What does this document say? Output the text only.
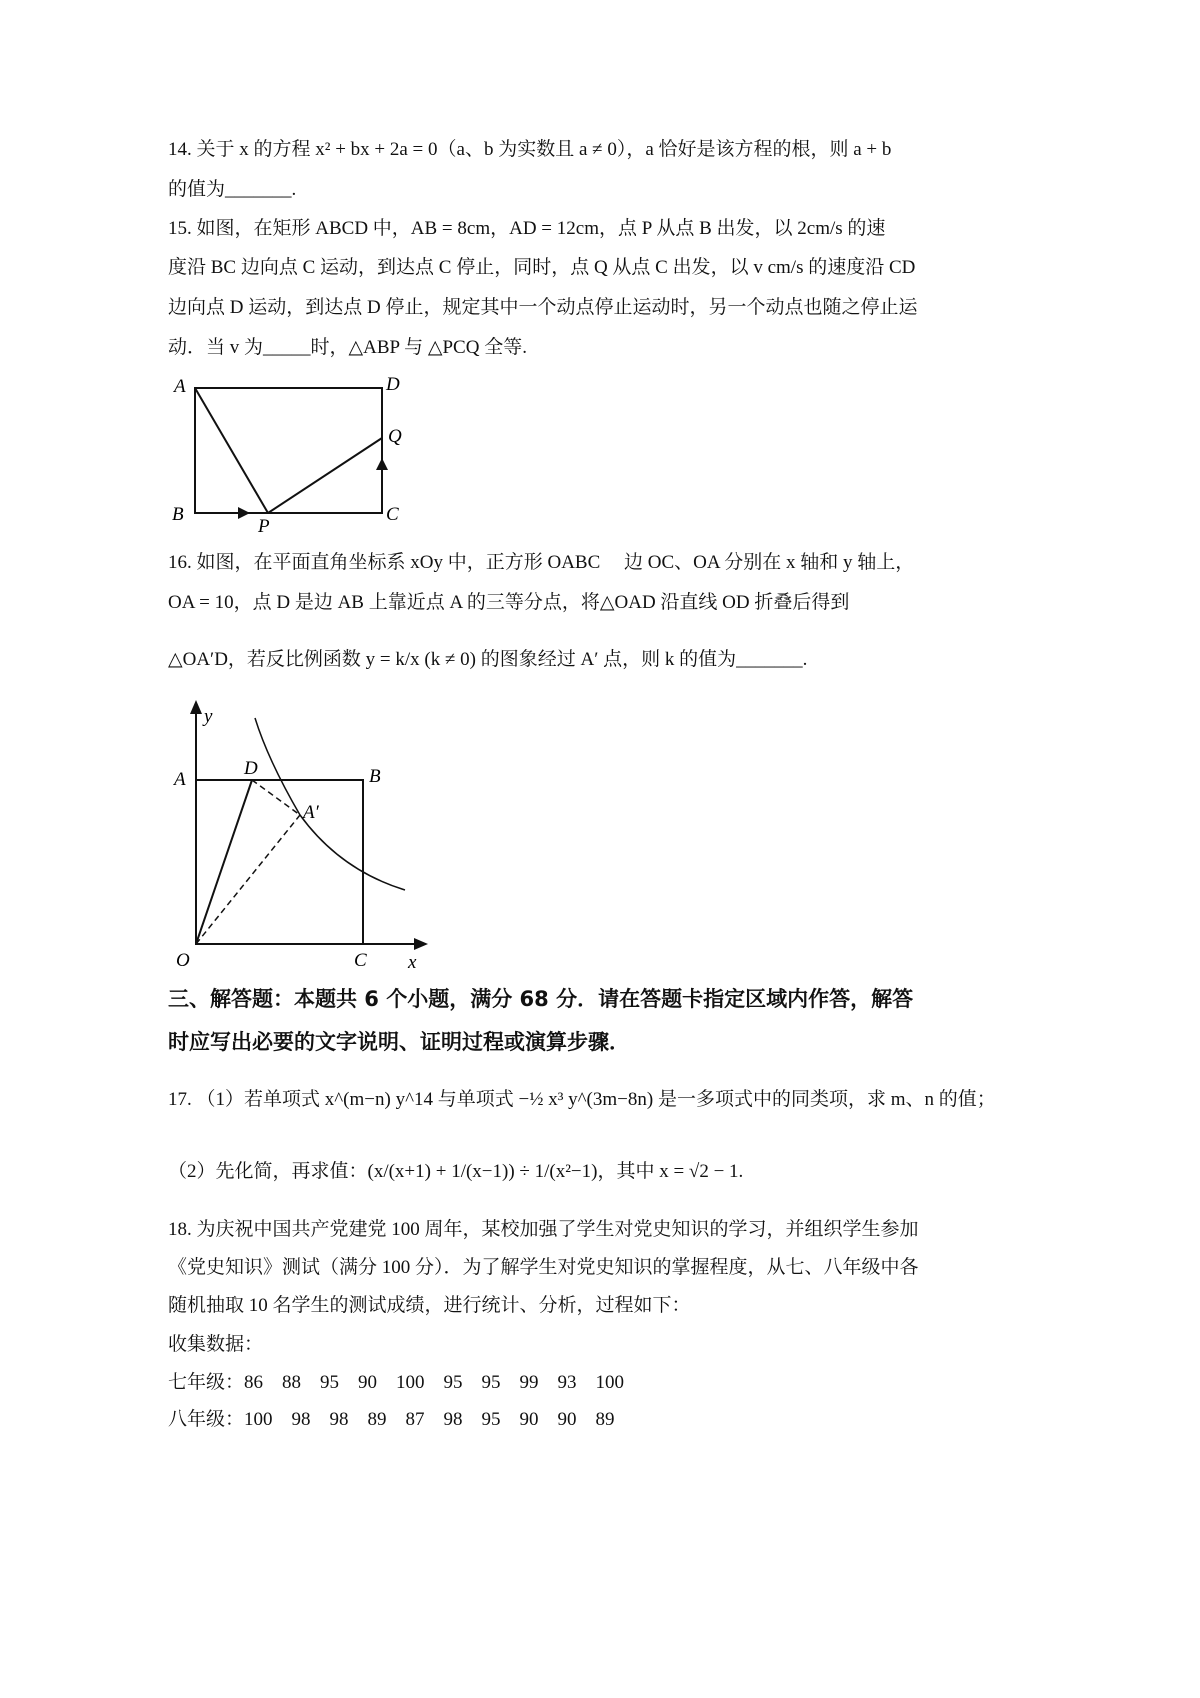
14. 关于 x 的方程 x² + bx + 2a = 0（a、b 为实数且 a ≠ 0），a 恰好是该方程的根，则 a + b
的值为_______.
15. 如图，在矩形 ABCD 中，AB = 8cm，AD = 12cm，点 P 从点 B 出发，以 2cm/s 的速
度沿 BC 边向点 C 运动，到达点 C 停止，同时，点 Q 从点 C 出发，以 v cm/s 的速度沿 CD
边向点 D 运动，到达点 D 停止，规定其中一个动点停止运动时，另一个动点也随之停止运
动．当 v 为_____时，△ABP 与 △PCQ 全等.
16. 如图，在平面直角坐标系 xOy 中，正方形 OABC 　边 OC、OA 分别在 x 轴和 y 轴上，
OA = 10，点 D 是边 AB 上靠近点 A 的三等分点，将△OAD 沿直线 OD 折叠后得到
△OA′D，若反比例函数 y = k/x (k ≠ 0) 的图象经过 A′ 点，则 k 的值为_______.
三、解答题：本题共 6 个小题，满分 68 分．请在答题卡指定区域内作答，解答
时应写出必要的文字说明、证明过程或演算步骤．
17. （1）若单项式 x^(m−n) y^14 与单项式 −½ x³ y^(3m−8n) 是一多项式中的同类项，求 m、n 的值；
（2）先化简，再求值：(x/(x+1) + 1/(x−1)) ÷ 1/(x²−1)，其中 x = √2 − 1.
18. 为庆祝中国共产党建党 100 周年，某校加强了学生对党史知识的学习，并组织学生参加
《党史知识》测试（满分 100 分）．为了解学生对党史知识的掌握程度，从七、八年级中各
随机抽取 10 名学生的测试成绩，进行统计、分析，过程如下：
收集数据：
七年级：86　88　95　90　100　95　95　99　93　100
八年级：100　98　98　89　87　98　95　90　90　89
A	D
B	C
P
Q
y
x
O
A	B
C
D
A′
